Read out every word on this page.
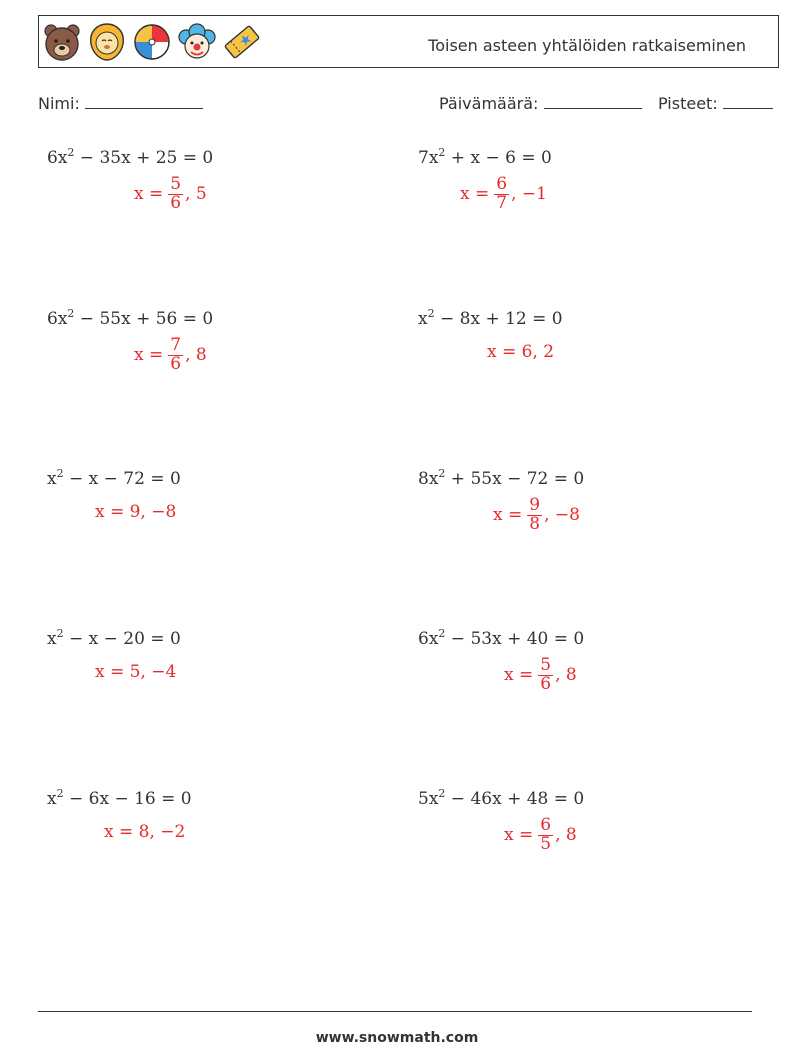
Toisen asteen yhtälöiden ratkaiseminen
Nimi:	Päivämäärä:	Pisteet:
$6x^2 - 35x + 25 = 0$
$x = \frac{5}{6}$ , 5
$7x^2 + x - 6 = 0$
$x = \frac{6}{7}$ , −1
$6x^2 - 55x + 56 = 0$
$x = \frac{7}{6}$ , 8
$x^2 - 8x + 12 = 0$
x = 6, 2
$x^2 - x - 72 = 0$
x = 9, −8
$8x^2 + 55x - 72 = 0$
$x = \frac{9}{8}$ , −8
$x^2 - x - 20 = 0$
x = 5, −4
$6x^2 - 53x + 40 = 0$
$x = \frac{5}{6}$ , 8
$x^2 - 6x - 16 = 0$
x = 8, −2
$5x^2 - 46x + 48 = 0$
$x = \frac{6}{5}$ , 8
www.snowmath.com
